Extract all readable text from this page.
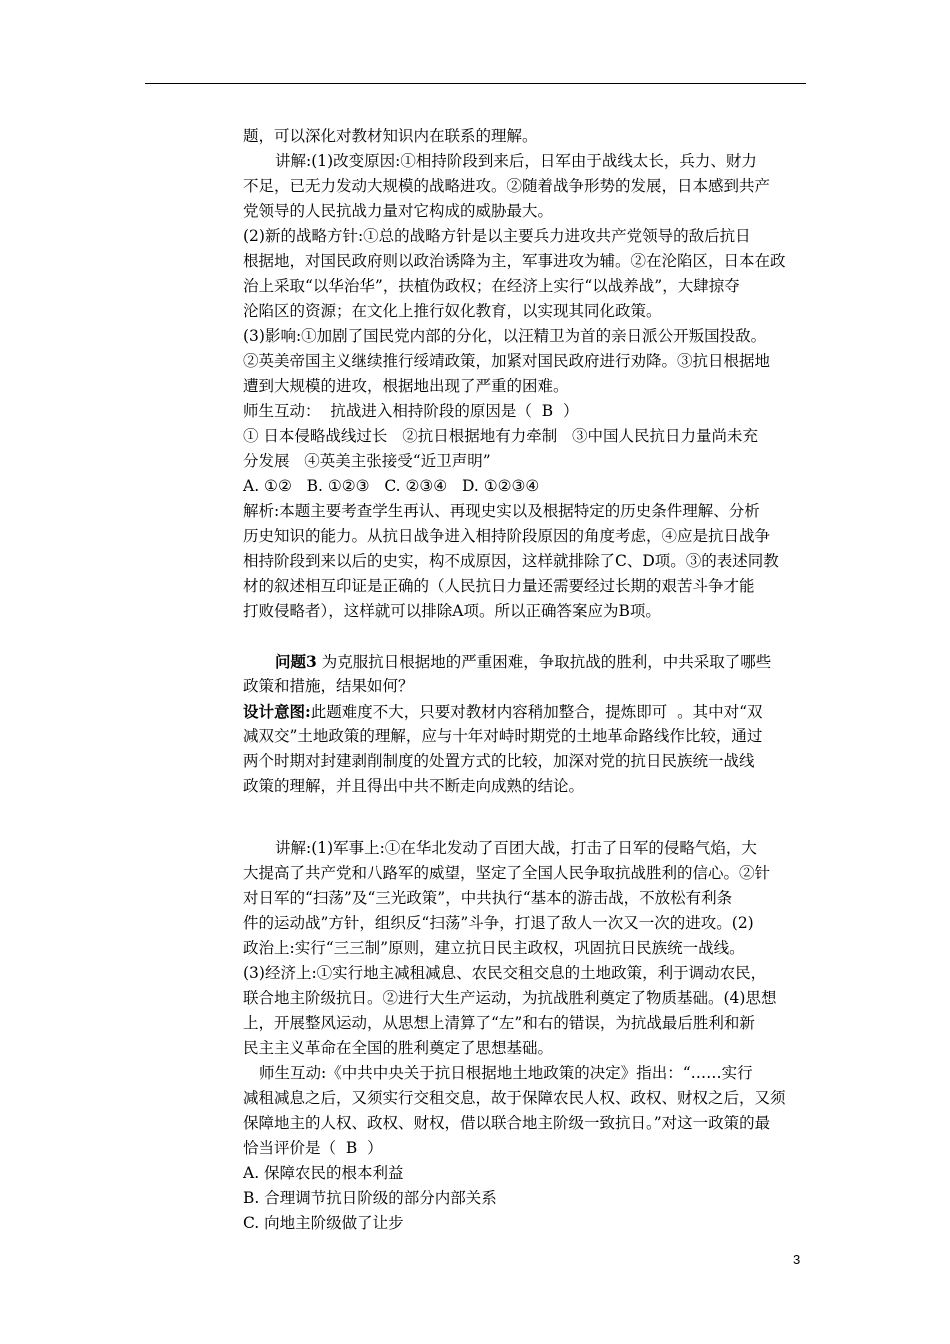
题，可以深化对教材知识内在联系的理解。
讲解:(1)改变原因:①相持阶段到来后，日军由于战线太长，兵力、财力
不足，已无力发动大规模的战略进攻。②随着战争形势的发展，日本感到共产
党领导的人民抗战力量对它构成的威胁最大。
(2)新的战略方针:①总的战略方针是以主要兵力进攻共产党领导的敌后抗日
根据地，对国民政府则以政治诱降为主，军事进攻为辅。②在沦陷区，日本在政
治上采取“以华治华”，扶植伪政权；在经济上实行“以战养战”，大肆掠夺
沦陷区的资源；在文化上推行奴化教育，以实现其同化政策。
(3)影响:①加剧了国民党内部的分化，以汪精卫为首的亲日派公开叛国投敌。
②英美帝国主义继续推行绥靖政策，加紧对国民政府进行劝降。③抗日根据地
遭到大规模的进攻，根据地出现了严重的困难。
师生互动：  抗战进入相持阶段的原因是（  B  ）
① 日本侵略战线过长   ②抗日根据地有力牵制   ③中国人民抗日力量尚未充
分发展   ④英美主张接受“近卫声明”
A. ①②   B. ①②③   C. ②③④   D. ①②③④
解析:本题主要考查学生再认、再现史实以及根据特定的历史条件理解、分析
历史知识的能力。从抗日战争进入相持阶段原因的角度考虑，④应是抗日战争
相持阶段到来以后的史实，构不成原因，这样就排除了C、D项。③的表述同教
材的叙述相互印证是正确的（人民抗日力量还需要经过长期的艰苦斗争才能
打败侵略者），这样就可以排除A项。所以正确答案应为B项。
问题3 为克服抗日根据地的严重困难，争取抗战的胜利，中共采取了哪些
政策和措施，结果如何？
设计意图:此题难度不大，只要对教材内容稍加整合，提炼即可  。其中对“双
减双交”土地政策的理解，应与十年对峙时期党的土地革命路线作比较，通过
两个时期对封建剥削制度的处置方式的比较，加深对党的抗日民族统一战线
政策的理解，并且得出中共不断走向成熟的结论。
讲解:(1)军事上:①在华北发动了百团大战，打击了日军的侵略气焰，大
大提高了共产党和八路军的威望，坚定了全国人民争取抗战胜利的信心。②针
对日军的“扫荡”及“三光政策”，中共执行“基本的游击战，不放松有利条
件的运动战”方针，组织反“扫荡”斗争，打退了敌人一次又一次的进攻。(2)
政治上:实行“三三制”原则，建立抗日民主政权，巩固抗日民族统一战线。
(3)经济上:①实行地主减租减息、农民交租交息的土地政策，利于调动农民，
联合地主阶级抗日。②进行大生产运动，为抗战胜利奠定了物质基础。(4)思想
上，开展整风运动，从思想上清算了“左”和右的错误，为抗战最后胜利和新
民主主义革命在全国的胜利奠定了思想基础。
师生互动:《中共中央关于抗日根据地土地政策的决定》指出：“……实行
减租减息之后，又须实行交租交息，故于保障农民人权、政权、财权之后，又须
保障地主的人权、政权、财权，借以联合地主阶级一致抗日。”对这一政策的最
恰当评价是（  B  ）
A. 保障农民的根本利益
B. 合理调节抗日阶级的部分内部关系
C. 向地主阶级做了让步
3
